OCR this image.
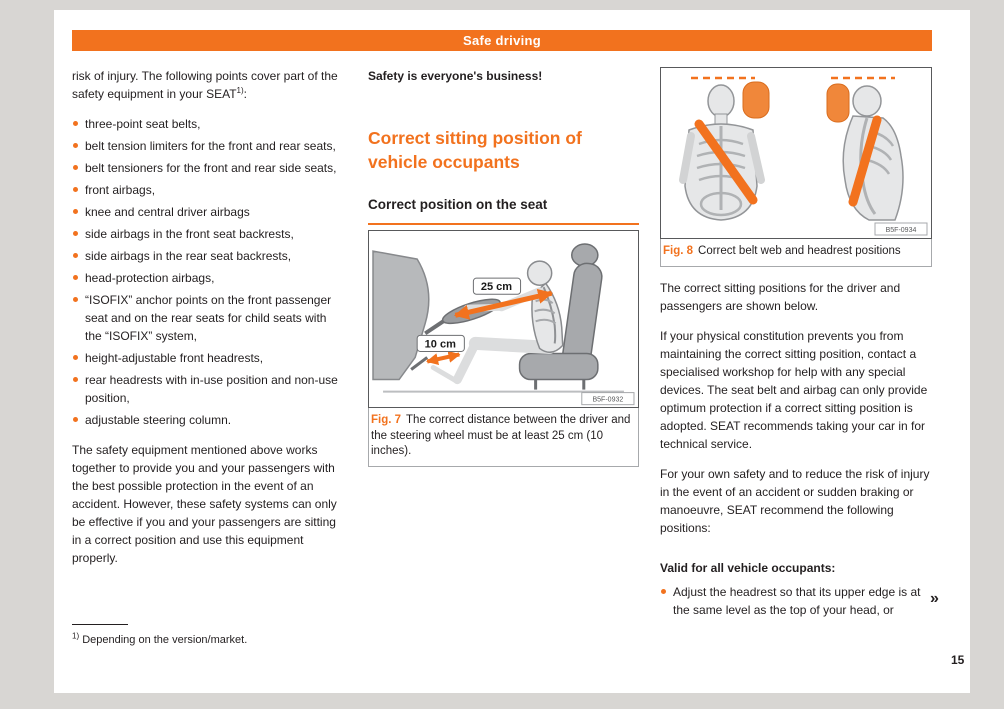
Safe driving

risk of injury. The following points cover part of the safety equipment in your SEAT$^{1)}$:

three-point seat belts,
belt tension limiters for the front and rear seats,
belt tensioners for the front and rear side seats,
front airbags,
knee and central driver airbags
side airbags in the front seat backrests,
side airbags in the rear seat backrests,
head-protection airbags,
“ISOFIX” anchor points on the front passenger seat and on the rear seats for child seats with the “ISOFIX” system,
height-adjustable front headrests,
rear headrests with in-use position and non-use position,
adjustable steering column.

The safety equipment mentioned above works together to provide you and your passengers with the best possible protection in the event of an accident. However, these safety systems can only be effective if you and your passengers are sitting in a correct position and use this equipment properly.

Safety is everyone's business!

Correct sitting position of vehicle occupants
Correct position on the seat
25 cm
10 cm
B5F-0932
Fig. 7 The correct distance between the driver and the steering wheel must be at least 25 cm (10 inches).
B5F-0934
Fig. 8 Correct belt web and headrest positions

The correct sitting positions for the driver and passengers are shown below.

If your physical constitution prevents you from maintaining the correct sitting position, contact a specialised workshop for help with any special devices. The seat belt and airbag can only provide optimum protection if a correct sitting position is adopted. SEAT recommends taking your car in for technical service.

For your own safety and to reduce the risk of injury in the event of an accident or sudden braking or manoeuvre, SEAT recommend the following positions:

Valid for all vehicle occupants:

Adjust the headrest so that its upper edge is at the same level as the top of your head, or
»

$^{1)}$ Depending on the version/market.

15
